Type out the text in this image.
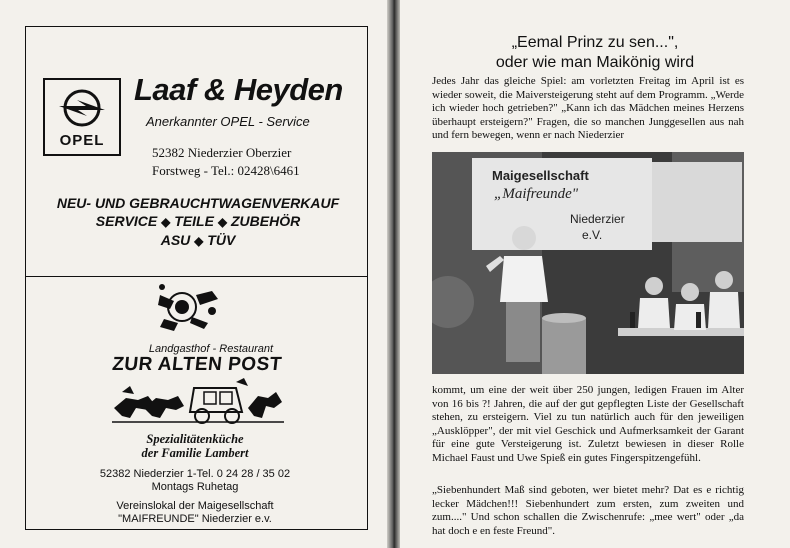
OPEL
Laaf & Heyden
Anerkannter OPEL - Service
52382 Niederzier Oberzier
Forstweg - Tel.: 02428\6461
NEU- UND GEBRAUCHTWAGENVERKAUF
SERVICE ◆ TEILE ◆ ZUBEHÖR
ASU ◆ TÜV
Landgasthof - Restaurant
ZUR ALTEN POST
Spezialitätenküche
der Familie Lambert
52382 Niederzier 1-Tel. 0 24 28 / 35 02
Montags Ruhetag
Vereinslokal der Maigesellschaft
"MAIFREUNDE" Niederzier e.v.
„Eemal Prinz zu sen...",
oder wie man Maikönig wird
Jedes Jahr das gleiche Spiel: am vorletzten Freitag im April ist es wieder soweit, die Maiversteigerung steht auf dem Programm. „Werde ich wieder hoch getrieben?" „Kann ich das Mädchen meines Herzens überhaupt ersteigern?" Fragen, die so manchen Junggesellen aus nah und fern bewegen, wenn er nach Niederzier
Maigesellschaft
„Maifreunde"
Niederzier
e.V.
kommt, um eine der weit über 250 jungen, ledigen Frauen im Alter von 16 bis ?! Jahren, die auf der gut gepflegten Liste der Gesellschaft stehen, zu ersteigern. Viel zu tun natürlich auch für den jeweiligen „Ausklöpper", der mit viel Geschick und Aufmerksamkeit der Garant für eine gute Versteigerung ist. Zuletzt bewiesen in dieser Rolle Michael Faust und Uwe Spieß ein gutes Fingerspitzengefühl.
„Siebenhundert Maß sind geboten, wer bietet mehr? Dat es e richtig lecker Mädchen!!! Siebenhundert zum ersten, zum zweiten und zum...." Und schon schallen die Zwischenrufe: „mee wert" oder „da hat doch e en feste Freund".
